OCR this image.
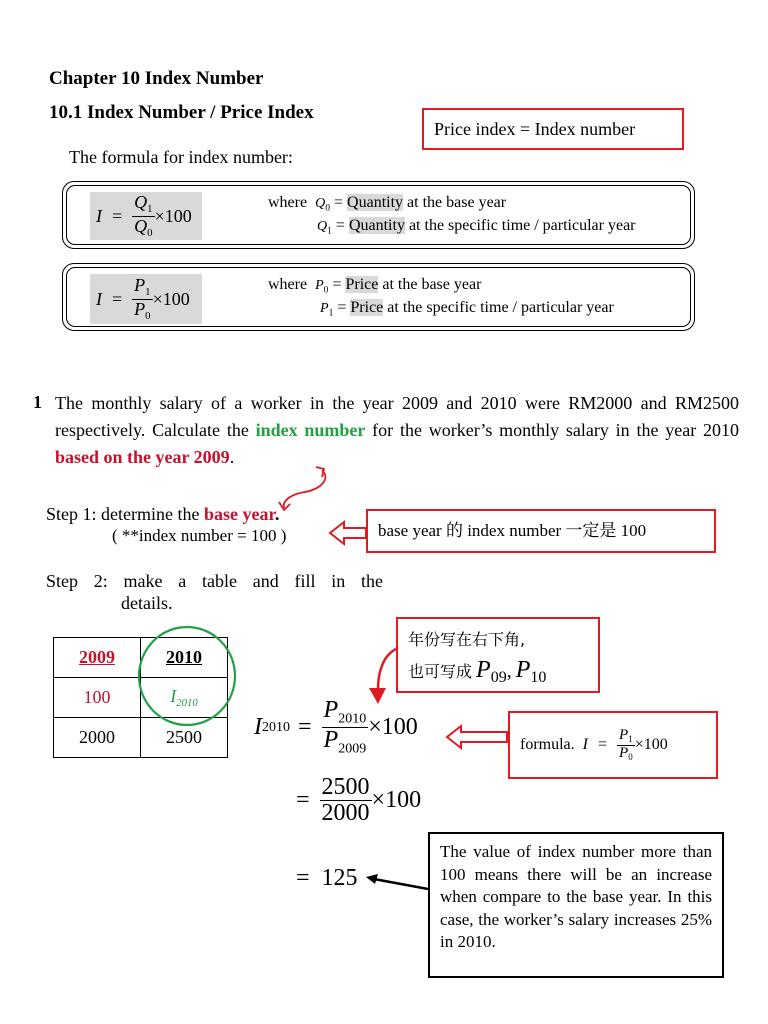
Chapter 10 Index Number
10.1 Index Number / Price Index
Price index = Index number
The formula for index number:
$I = \frac{Q_1}{Q_0} \times 100$
where $Q_0$ = Quantity at the base year
$Q_1$ = Quantity at the specific time / particular year
$I = \frac{P_1}{P_0} \times 100$
where $P_0$ = Price at the base year
$P_1$ = Price at the specific time / particular year
1 The monthly salary of a worker in the year 2009 and 2010 were RM2000 and RM2500 respectively. Calculate the index number for the worker’s monthly salary in the year 2010 based on the year 2009.
Step 1: determine the base year.
( **index number = 100 )	base year 的 index number 一定是 100
Step 2: make a table and fill in the
details.
2009	2010
100	$I_{2010}$
2000	2500
年份写在右下角,
也可写成 P09, P10
I $2010 = \frac{P_{2010}}{P_{2009}} \times 100$
formula. $I = \frac{P_1}{P_0} \times 100$
= $\frac{2500}{2000} \times 100$
= 125
The value of index number more than 100 means there will be an increase when compare to the base year. In this case, the worker’s salary increases 25% in 2010.
